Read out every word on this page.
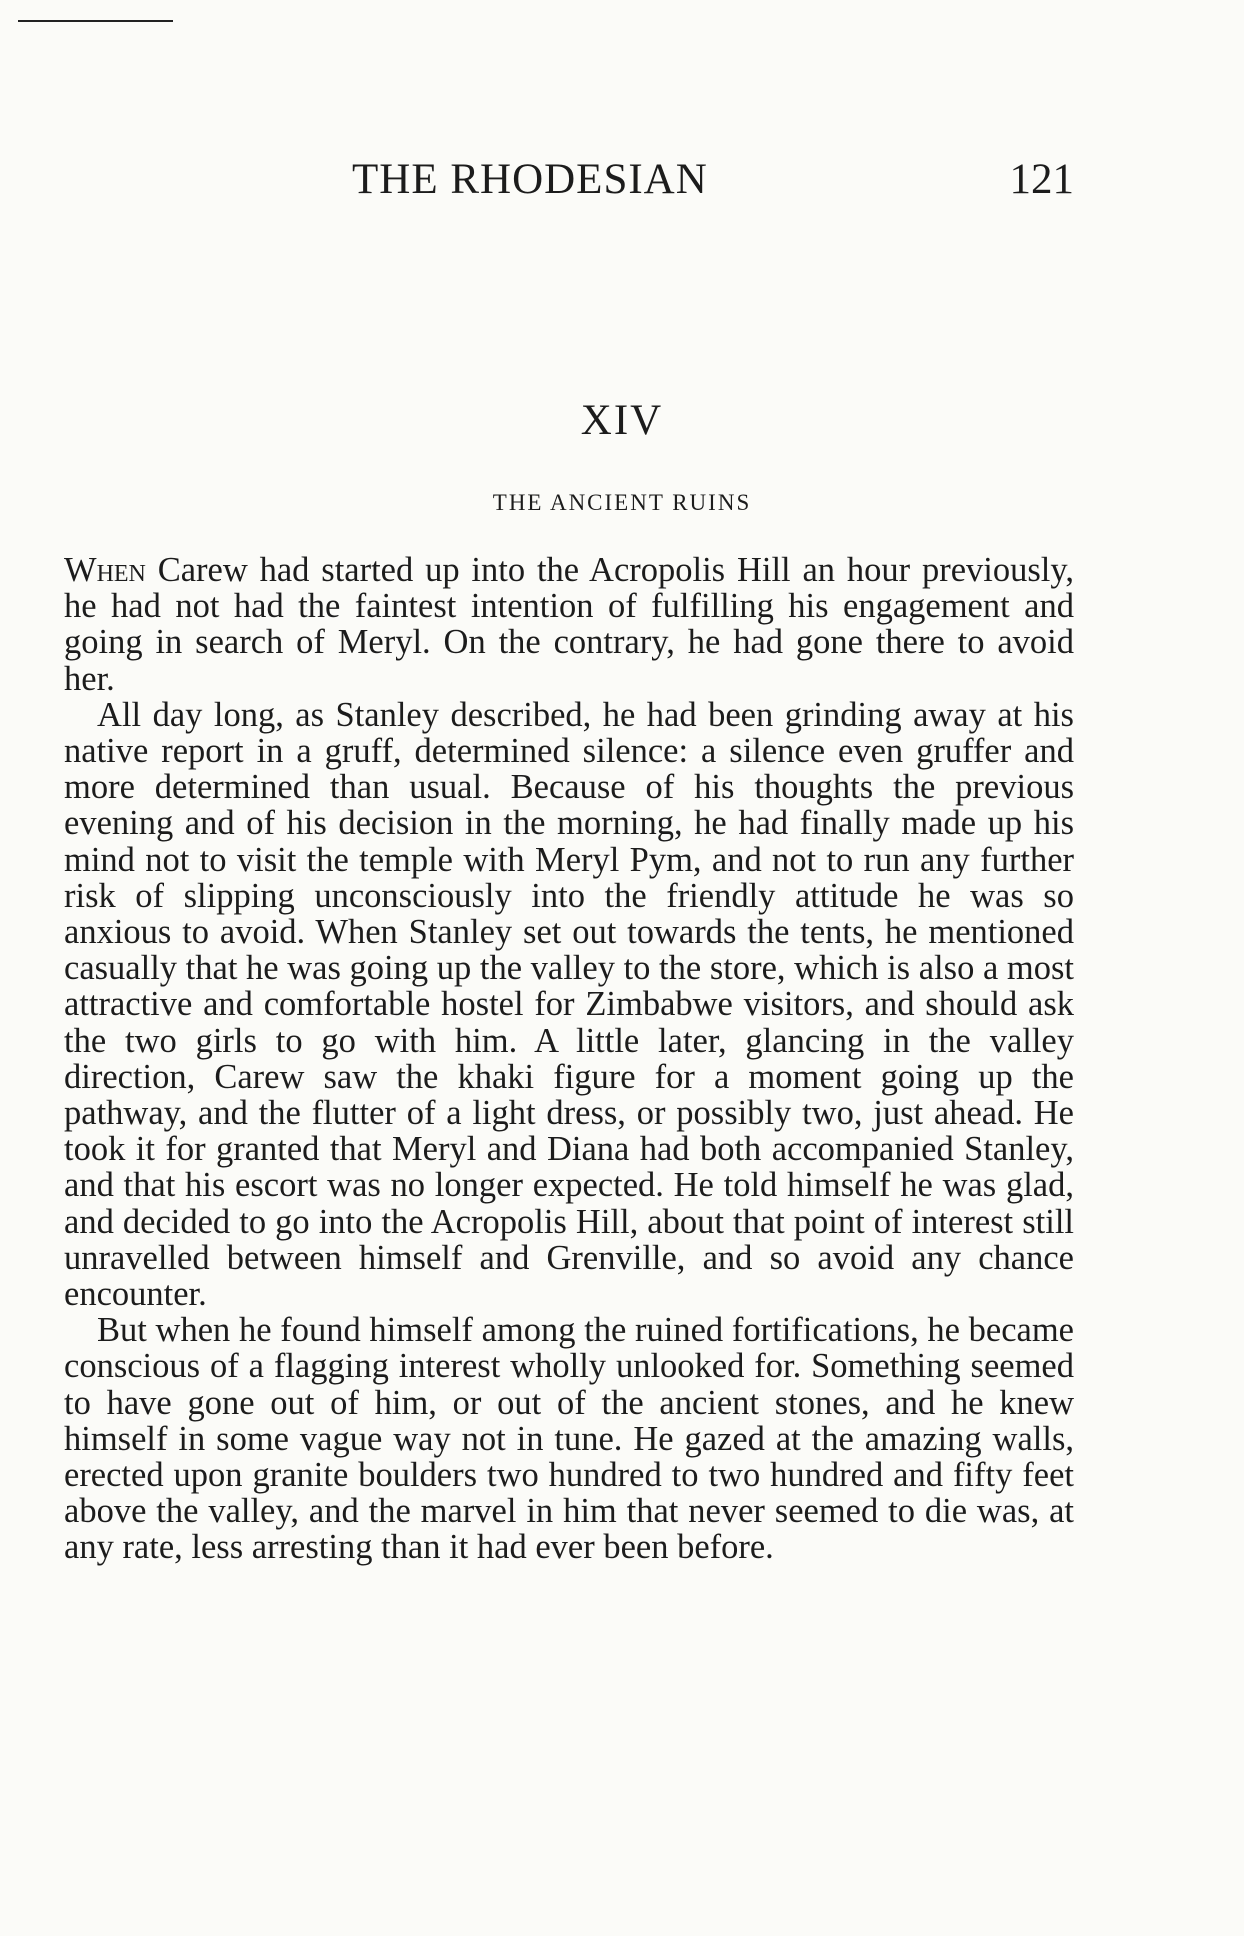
THE RHODESIAN	121
XIV
THE ANCIENT RUINS

When Carew had started up into the Acropolis Hill an hour previously, he had not had the faintest intention of fulfilling his engagement and going in search of Meryl. On the contrary, he had gone there to avoid her.

All day long, as Stanley described, he had been grinding away at his native report in a gruff, determined silence: a silence even gruffer and more determined than usual. Because of his thoughts the previous evening and of his decision in the morning, he had finally made up his mind not to visit the temple with Meryl Pym, and not to run any further risk of slipping unconsciously into the friendly attitude he was so anxious to avoid. When Stanley set out towards the tents, he mentioned casually that he was going up the valley to the store, which is also a most attractive and comfortable hostel for Zimbabwe visitors, and should ask the two girls to go with him. A little later, glancing in the valley direction, Carew saw the khaki figure for a moment going up the pathway, and the flutter of a light dress, or possibly two, just ahead. He took it for granted that Meryl and Diana had both accompanied Stanley, and that his escort was no longer expected. He told himself he was glad, and decided to go into the Acropolis Hill, about that point of interest still unravelled between himself and Grenville, and so avoid any chance encounter.

But when he found himself among the ruined fortifications, he became conscious of a flagging interest wholly unlooked for. Something seemed to have gone out of him, or out of the ancient stones, and he knew himself in some vague way not in tune. He gazed at the amazing walls, erected upon granite boulders two hundred to two hundred and fifty feet above the valley, and the marvel in him that never seemed to die was, at any rate, less arresting than it had ever been before.
